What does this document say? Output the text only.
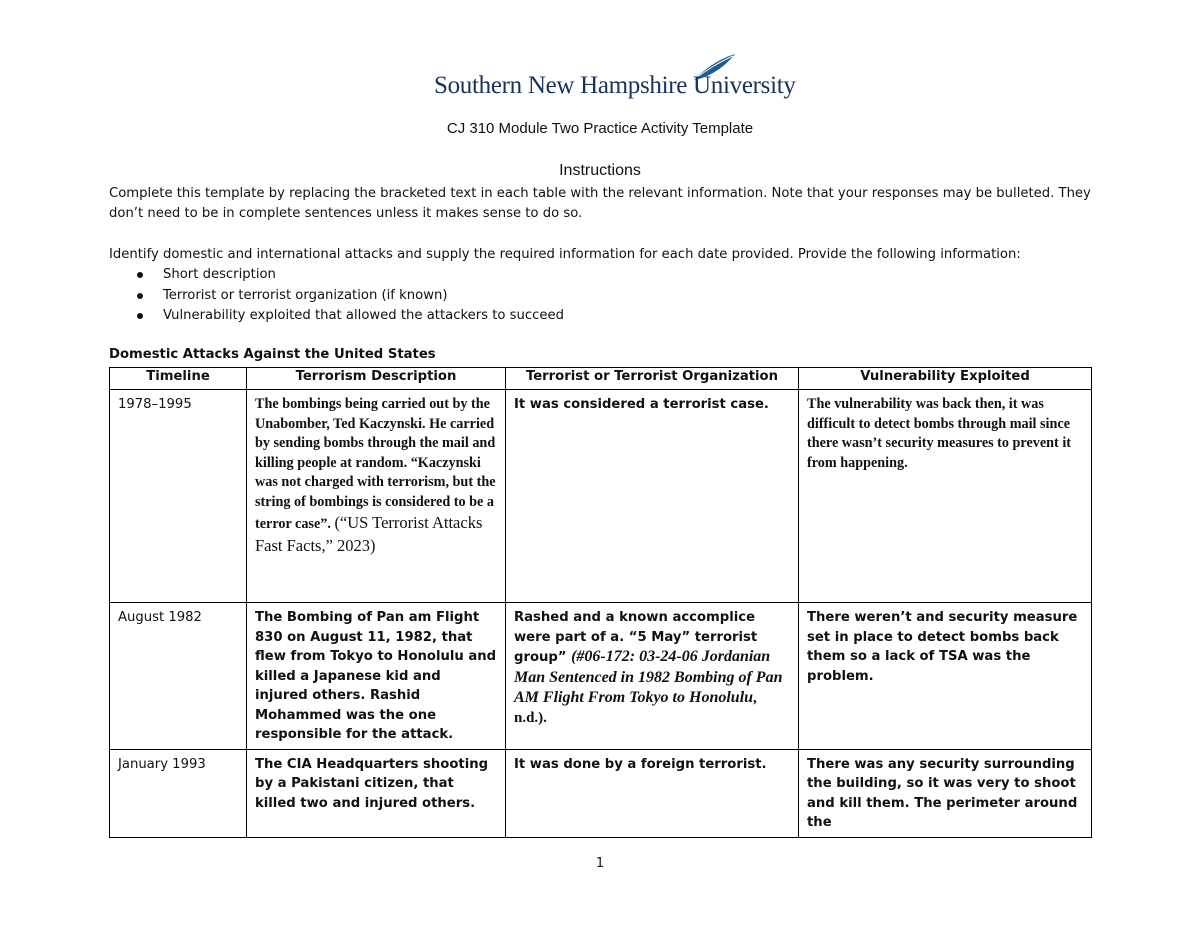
Southern New Hampshire University
CJ 310 Module Two Practice Activity Template
Instructions
Complete this template by replacing the bracketed text in each table with the relevant information. Note that your responses may be bulleted. They don’t need to be in complete sentences unless it makes sense to do so.
Identify domestic and international attacks and supply the required information for each date provided. Provide the following information:
Short description
Terrorist or terrorist organization (if known)
Vulnerability exploited that allowed the attackers to succeed
Domestic Attacks Against the United States
Timeline	Terrorism Description	Terrorist or Terrorist Organization	Vulnerability Exploited
1978–1995	The bombings being carried out by the Unabomber, Ted Kaczynski. He carried by sending bombs through the mail and killing people at random. “Kaczynski was not charged with terrorism, but the string of bombings is considered to be a terror case”. (“US Terrorist Attacks Fast Facts,” 2023)	It was considered a terrorist case.	The vulnerability was back then, it was difficult to detect bombs through mail since there wasn’t security measures to prevent it from happening.
August 1982	The Bombing of Pan am Flight 830 on August 11, 1982, that flew from Tokyo to Honolulu and killed a Japanese kid and injured others. Rashid Mohammed was the one responsible for the attack.	Rashed and a known accomplice were part of a. “5 May” terrorist group” (#06-172: 03-24-06 Jordanian Man Sentenced in 1982 Bombing of Pan AM Flight From Tokyo to Honolulu, n.d.).	There weren’t and security measure set in place to detect bombs back them so a lack of TSA was the problem.
January 1993	The CIA Headquarters shooting by a Pakistani citizen, that killed two and injured others.	It was done by a foreign terrorist.	There was any security surrounding the building, so it was very to shoot and kill them. The perimeter around the
1
